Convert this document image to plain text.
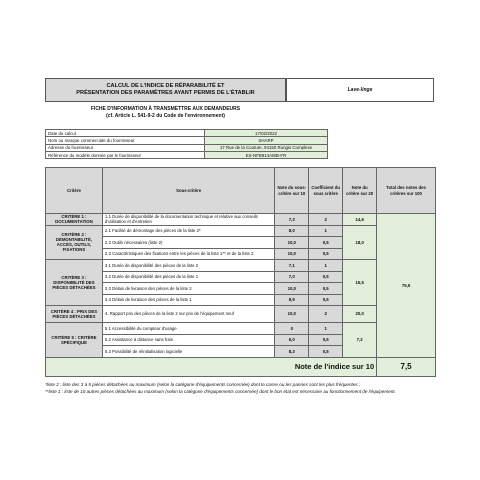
CALCUL DE L'INDICE DE RÉPARABILITÉ ET
PRÉSENTATION DES PARAMÈTRES AYANT PERMIS DE L'ÉTABLIR	Lave-linge
FICHE D'INFORMATION À TRANSMETTRE AUX DEMANDEURS
(cf. Article L. 541-9-2 du Code de l'environnement)
Date du calcul	17/02/2022
Nom ou marque commerciale du fournisseur	SHARP
Adresse du fournisseur	17 Rue de la Couture, 94150 Rungis Complexe
Référence du modèle donnée par le fournisseur	ES-NFB914AWB-FR
Critère	Sous-critère	Note du sous-critère sur 10	Coefficient du sous critère	Note du critère sur 20	Total des notes des critères sur 100
CRITÈRE 1 : DOCUMENTATION	1.1 Durée de disponibilité de la documentation technique et relative aux conseils d'utilisation et d'entretien	7,3	2	14,6	75,5
CRITÈRE 2 : DÉMONTABILITÉ, ACCÈS, OUTILS, FIXATIONS	2.1 Facilité de démontage des pièces de la liste 2*	8,0	1	18,0	
	2.2 Outils nécessaires (liste 2)	10,0	0,5		
	2.3 Caractéristiques des fixations entre les pièces de la liste 1** et de la liste 2	10,0	0,5		
CRITÈRE 3 : DISPONIBILITÉ DES PIÈCES DÉTACHÉES	3.1 Durée de disponibilité des pièces de la liste 2	7,1	1	15,5	
	3.2 Durée de disponibilité des pièces de la liste 1	7,0	0,5		
	3.3 Délais de livraison des pièces de la liste 2	10,0	0,5		
	3.4 Délais de livraison des pièces de la liste 1	8,9	0,5		
CRITÈRE 4 : PRIX DES PIÈCES DÉTACHÉES	4. Rapport prix des pièces de la liste 2 sur prix de l'équipement neuf	10,0	2	20,0	
CRITÈRE 5 : CRITÈRE SPÉCIFIQUE	5.1 Accessibilité du compteur d'usage	0	1	7,2	
	5.2 Assistance à distance sans frais	6,0	0,5		
	5.3 Possibilité de réinitialisation logicielle	8,3	0,5		
Note de l'indice sur 10					7,5
*liste 2 : liste des 3 à 5 pièces détachées au maximum (selon la catégorie d'équipements concernée) dont la casse ou les pannes sont les plus fréquentes ;
**liste 1 : liste de 10 autres pièces détachées au maximum (selon la catégorie d'équipements concernée) dont le bon état est nécessaire au fonctionnement de l'équipement.
